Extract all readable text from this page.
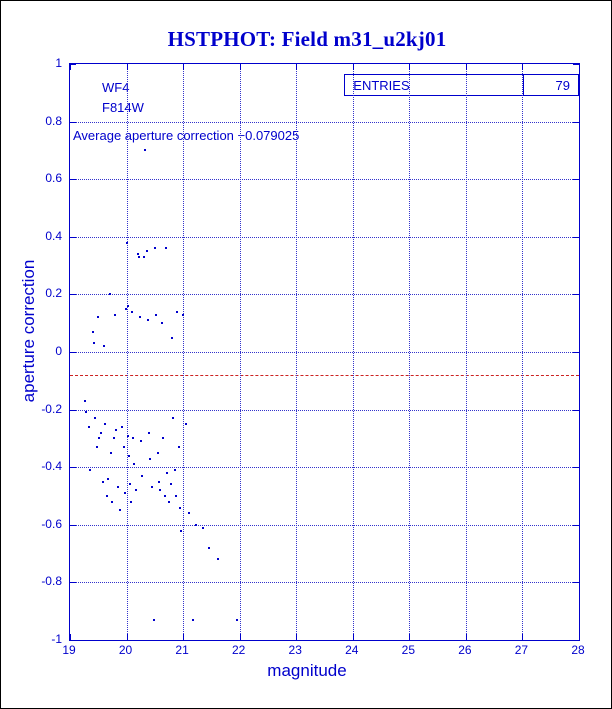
HSTPHOT: Field m31_u2kj01
ENTRIES	79
WF4
F814W
Average aperture correction −0.079025
magnitude
aperture correction
19	20	21	22	23	24	25	26	27	28
-1
-0.8
-0.6
-0.4
-0.2
0
0.2
0.4
0.6
0.8
1
